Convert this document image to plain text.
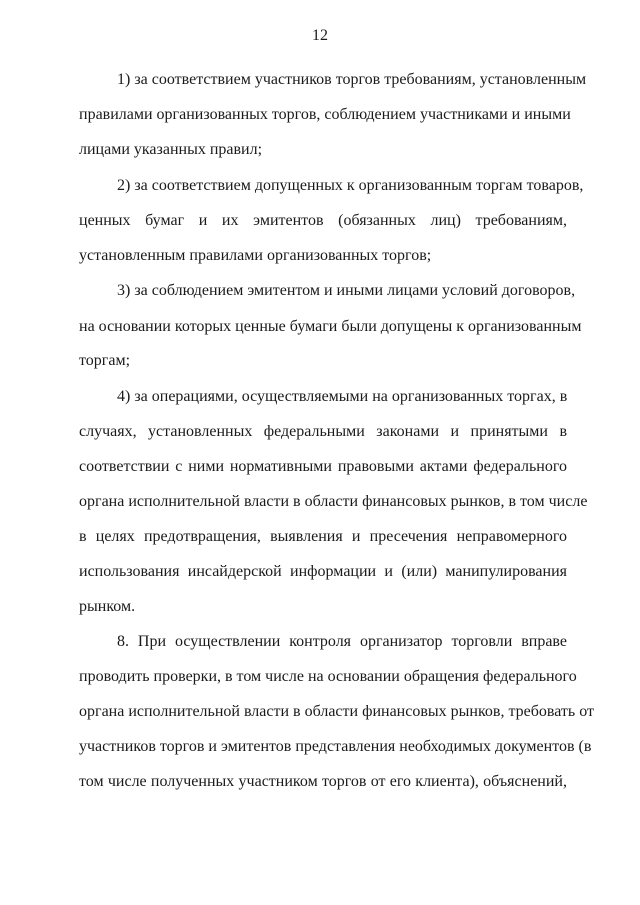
12
1) за соответствием участников торгов требованиям, установленным
правилами организованных торгов, соблюдением участниками и иными
лицами указанных правил;
2) за соответствием допущенных к организованным торгам товаров,
ценных бумаг и их эмитентов (обязанных лиц) требованиям,
установленным правилами организованных торгов;
3) за соблюдением эмитентом и иными лицами условий договоров,
на основании которых ценные бумаги были допущены к организованным
торгам;
4) за операциями, осуществляемыми на организованных торгах, в
случаях, установленных федеральными законами и принятыми в
соответствии с ними нормативными правовыми актами федерального
органа исполнительной власти в области финансовых рынков, в том числе
в целях предотвращения, выявления и пресечения неправомерного
использования инсайдерской информации и (или) манипулирования
рынком.
8. При осуществлении контроля организатор торговли вправе
проводить проверки, в том числе на основании обращения федерального
органа исполнительной власти в области финансовых рынков, требовать от
участников торгов и эмитентов представления необходимых документов (в
том числе полученных участником торгов от его клиента), объяснений,
